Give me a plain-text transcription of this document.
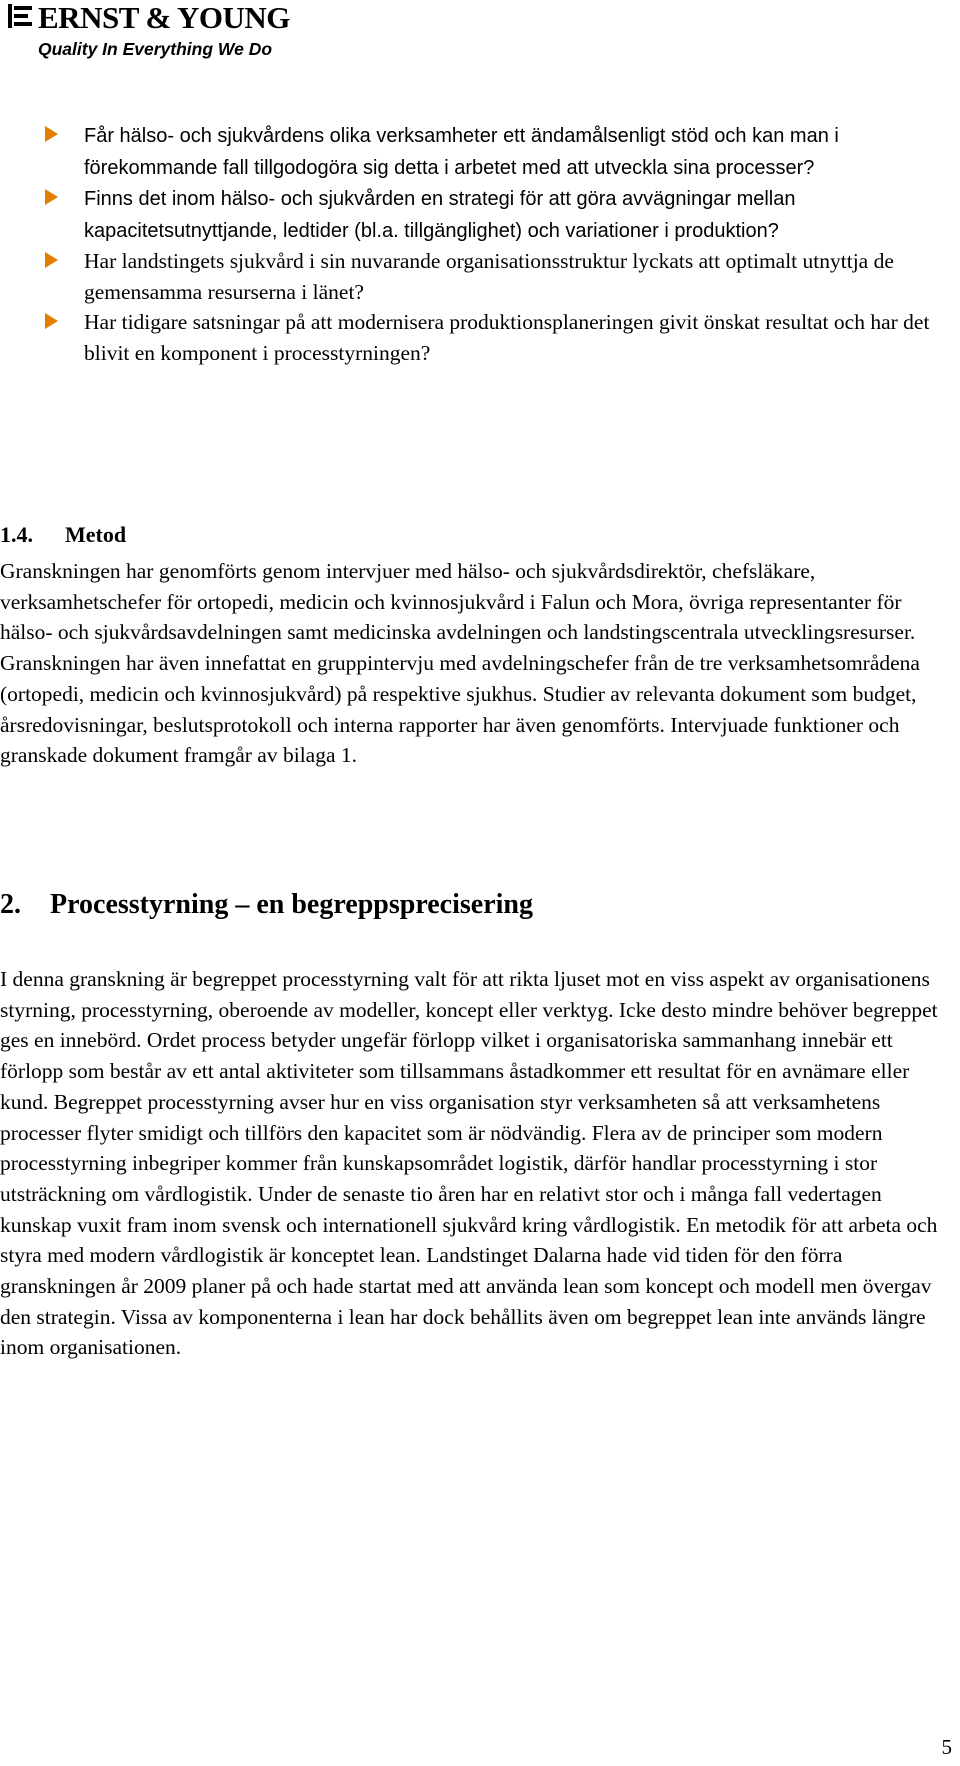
ERNST & YOUNG
Quality In Everything We Do
Får hälso- och sjukvårdens olika verksamheter ett ändamålsenligt stöd och kan man i förekommande fall tillgodogöra sig detta i arbetet med att utveckla sina processer?
Finns det inom hälso- och sjukvården en strategi för att göra avvägningar mellan kapacitetsutnyttjande, ledtider (bl.a. tillgänglighet) och variationer i produktion?
Har landstingets sjukvård i sin nuvarande organisationsstruktur lyckats att optimalt utnyttja de gemensamma resurserna i länet?
Har tidigare satsningar på att modernisera produktionsplaneringen givit önskat resultat och har det blivit en komponent i processtyrningen?
1.4. Metod

Granskningen har genomförts genom intervjuer med hälso- och sjukvårdsdirektör, chefsläkare, verksamhetschefer för ortopedi, medicin och kvinnosjukvård i Falun och Mora, övriga representanter för hälso- och sjukvårdsavdelningen samt medicinska avdelningen och landstingscentrala utvecklingsresurser. Granskningen har även innefattat en gruppintervju med avdelningschefer från de tre verksamhetsområdena (ortopedi, medicin och kvinnosjukvård) på respektive sjukhus. Studier av relevanta dokument som budget, årsredovisningar, beslutsprotokoll och interna rapporter har även genomförts. Intervjuade funktioner och granskade dokument framgår av bilaga 1.

2. Processtyrning – en begreppsprecisering

I denna granskning är begreppet processtyrning valt för att rikta ljuset mot en viss aspekt av organisationens styrning, processtyrning, oberoende av modeller, koncept eller verktyg. Icke desto mindre behöver begreppet ges en innebörd. Ordet process betyder ungefär förlopp vilket i organisatoriska sammanhang innebär ett förlopp som består av ett antal aktiviteter som tillsammans åstadkommer ett resultat för en avnämare eller kund. Begreppet processtyrning avser hur en viss organisation styr verksamheten så att verksamhetens processer flyter smidigt och tillförs den kapacitet som är nödvändig. Flera av de principer som modern processtyrning inbegriper kommer från kunskapsområdet logistik, därför handlar processtyrning i stor utsträckning om vårdlogistik. Under de senaste tio åren har en relativt stor och i många fall vedertagen kunskap vuxit fram inom svensk och internationell sjukvård kring vårdlogistik. En metodik för att arbeta och styra med modern vårdlogistik är konceptet lean. Landstinget Dalarna hade vid tiden för den förra granskningen år 2009 planer på och hade startat med att använda lean som koncept och modell men övergav den strategin. Vissa av komponenterna i lean har dock behållits även om begreppet lean inte används längre inom organisationen.

5
